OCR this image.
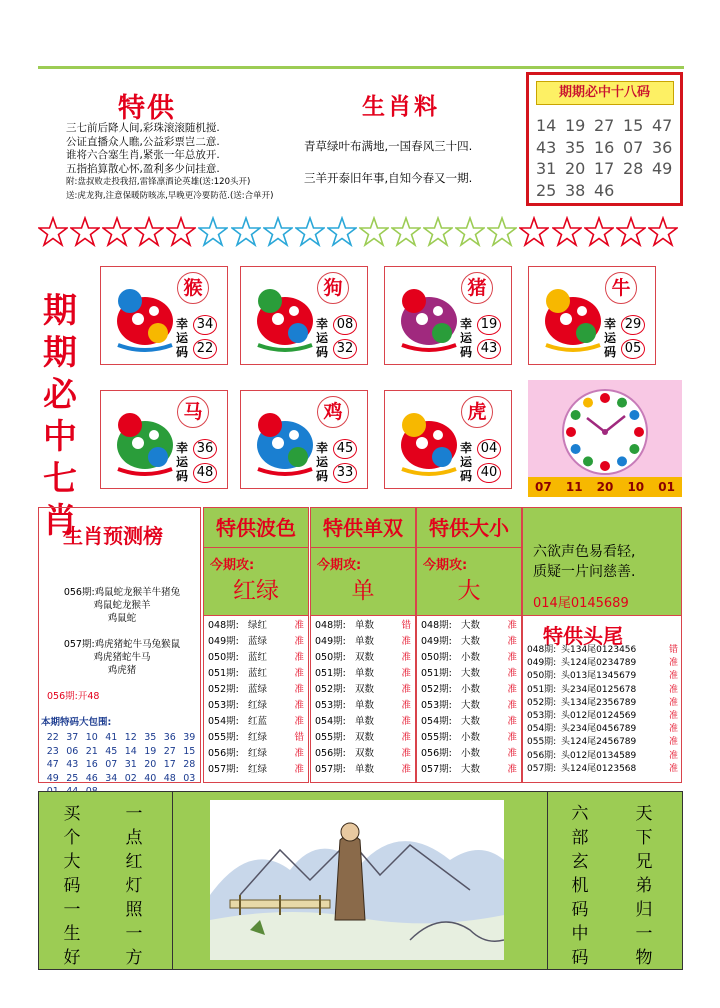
特供
三七前后降人间,彩珠滚滚随机搅.
公证直播众人瞧,公益彩票岂二意.
谁将六合塞生肖,紧张一年总放开.
五指掐算散心怀,盈利多少问挂意.
附:盘叔败走投我招,雷锋凛酒论英雄(送:120头开)
送:虎龙狗,注意保暖防咳冻,早晚更冷要防范.(送:合单开)
生肖料
青草绿叶布满地,一国春风三十四.
三羊开泰旧年事,自知今春又一期.
期期必中十八码
14 19 27 15 47
43 35 16 07 36
31 20 17 28 49
25 38 46
期
期
必
中
七
肖
猴
幸
运
码
34
22
狗
幸
运
码
08
32
猪
幸
运
码
19
43
牛
幸
运
码
29
05
马
幸
运
码
36
48
鸡
幸
运
码
45
33
虎
幸
运
码
04
40
07 11 20 10 01
生肖预测榜
056期:鸡鼠蛇龙猴羊牛猪兔
鸡鼠蛇龙猴羊
鸡鼠蛇
057期:鸡虎猪蛇牛马兔猴鼠
鸡虎猪蛇牛马
鸡虎猪
056期:开48
本期特码大包围:
22 37 10 41 12 35 36 39
23 06 21 45 14 19 27 15
47 43 16 07 31 20 17 28
49 25 46 34 02 40 48 03
特供波色
今期攻:
红绿
048期: 绿红	准
049期: 蓝绿	准
050期: 蓝红	准
051期: 蓝红	准
052期: 蓝绿	准
053期: 红绿	准
054期: 红蓝	准
055期: 红绿	错
056期: 红绿	准
057期: 红绿	准
特供单双
今期攻:
单
048期: 单数	错
049期: 单数	准
050期: 双数	准
051期: 单数	准
052期: 双数	准
053期: 单数	准
054期: 单数	准
055期: 双数	准
056期: 双数	准
057期: 单数	准
特供大小
今期攻:
大
048期: 大数	准
049期: 大数	准
050期: 小数	准
051期: 大数	准
052期: 小数	准
053期: 大数	准
054期: 大数	准
055期: 小数	准
056期: 小数	准
057期: 大数	准
六欲声色易看轻,
质疑一片问慈善.
014尾0145689
特供头尾
048期: 头134尾0123456	错
049期: 头124尾0234789	准
050期: 头013尾1345679	准
051期: 头234尾0125678	准
052期: 头134尾2356789	准
053期: 头012尾0124569	准
054期: 头234尾0456789	准
055期: 头124尾2456789	准
056期: 头012尾0134589	准
057期: 头124尾0123568	准
买
个
大
码
一
生
好
一
点
红
灯
照
一
方
六
部
玄
机
码
中
码
天
下
兄
弟
归
一
物
